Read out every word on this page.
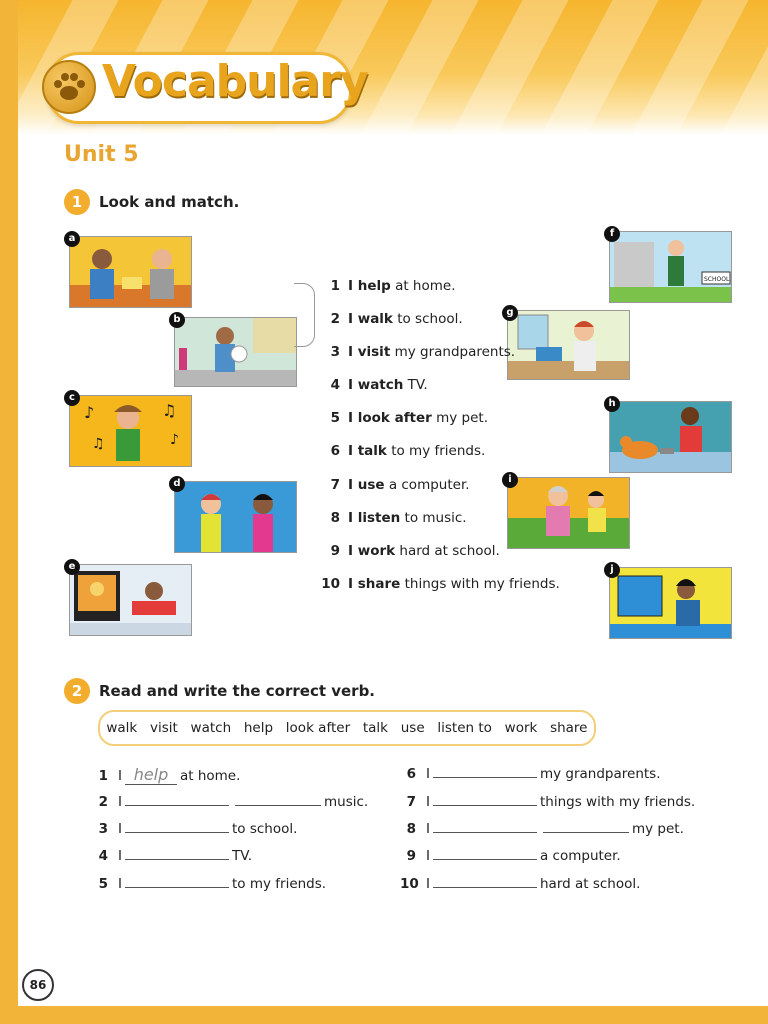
Vocabulary
Unit 5
1	Look and match.
a
b
c
♪	♫
♪
♫
d
e
f
SCHOOL
g
h
i
j
1 I help at home.
2 I walk to school.
3 I visit my grandparents.
4 I watch TV.
5 I look after my pet.
6 I talk to my friends.
7 I use a computer.
8 I listen to music.
9 I work hard at school.
10 I share things with my friends.
2	Read and write the correct verb.
walk visit watch help look after talk use listen to work share
1 I help at home.
2 I	music.
3 I	to school.
4 I	TV.
5 I	to my friends.
6 I	my grandparents.
7 I	things with my friends.
8 I	my pet.
9 I	a computer.
10 I	hard at school.
86
